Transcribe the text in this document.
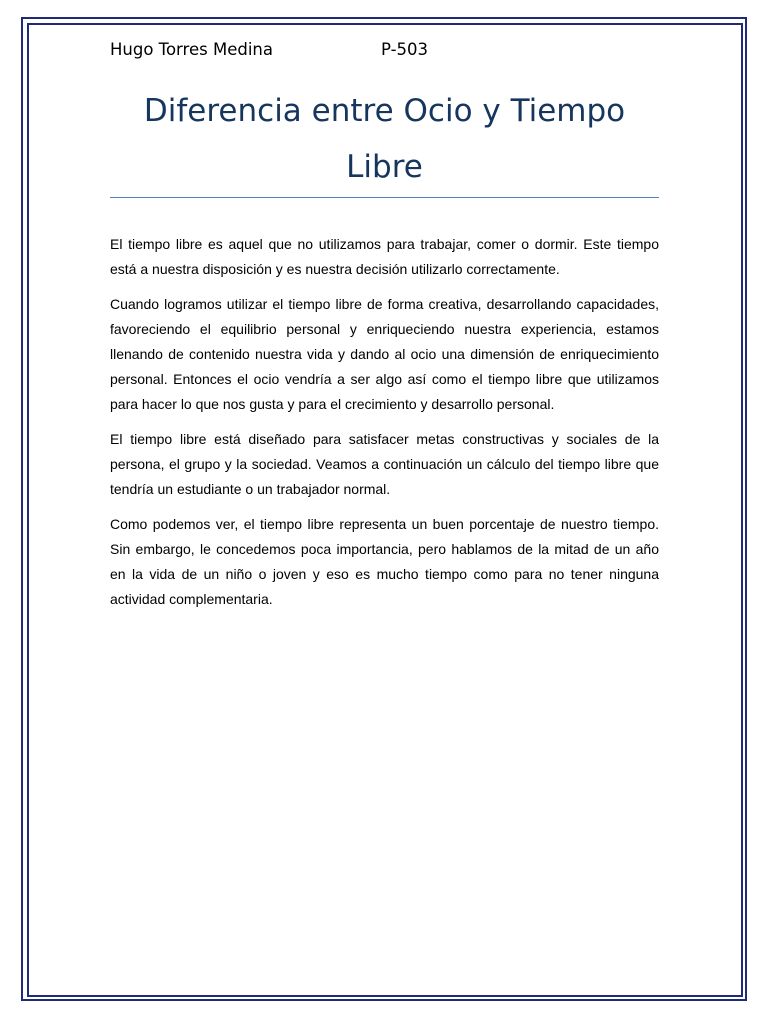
Hugo Torres Medina	P-503
Diferencia entre Ocio y Tiempo Libre

El tiempo libre es aquel que no utilizamos para trabajar, comer o dormir. Este tiempo está a nuestra disposición y es nuestra decisión utilizarlo correctamente.

Cuando logramos utilizar el tiempo libre de forma creativa, desarrollando capacidades, favoreciendo el equilibrio personal y enriqueciendo nuestra experiencia, estamos llenando de contenido nuestra vida y dando al ocio una dimensión de enriquecimiento personal. Entonces el ocio vendría a ser algo así como el tiempo libre que utilizamos para hacer lo que nos gusta y para el crecimiento y desarrollo personal.

El tiempo libre está diseñado para satisfacer metas constructivas y sociales de la persona, el grupo y la sociedad. Veamos a continuación un cálculo del tiempo libre que tendría un estudiante o un trabajador normal.

Como podemos ver, el tiempo libre representa un buen porcentaje de nuestro tiempo. Sin embargo, le concedemos poca importancia, pero hablamos de la mitad de un año en la vida de un niño o joven y eso es mucho tiempo como para no tener ninguna actividad complementaria.
